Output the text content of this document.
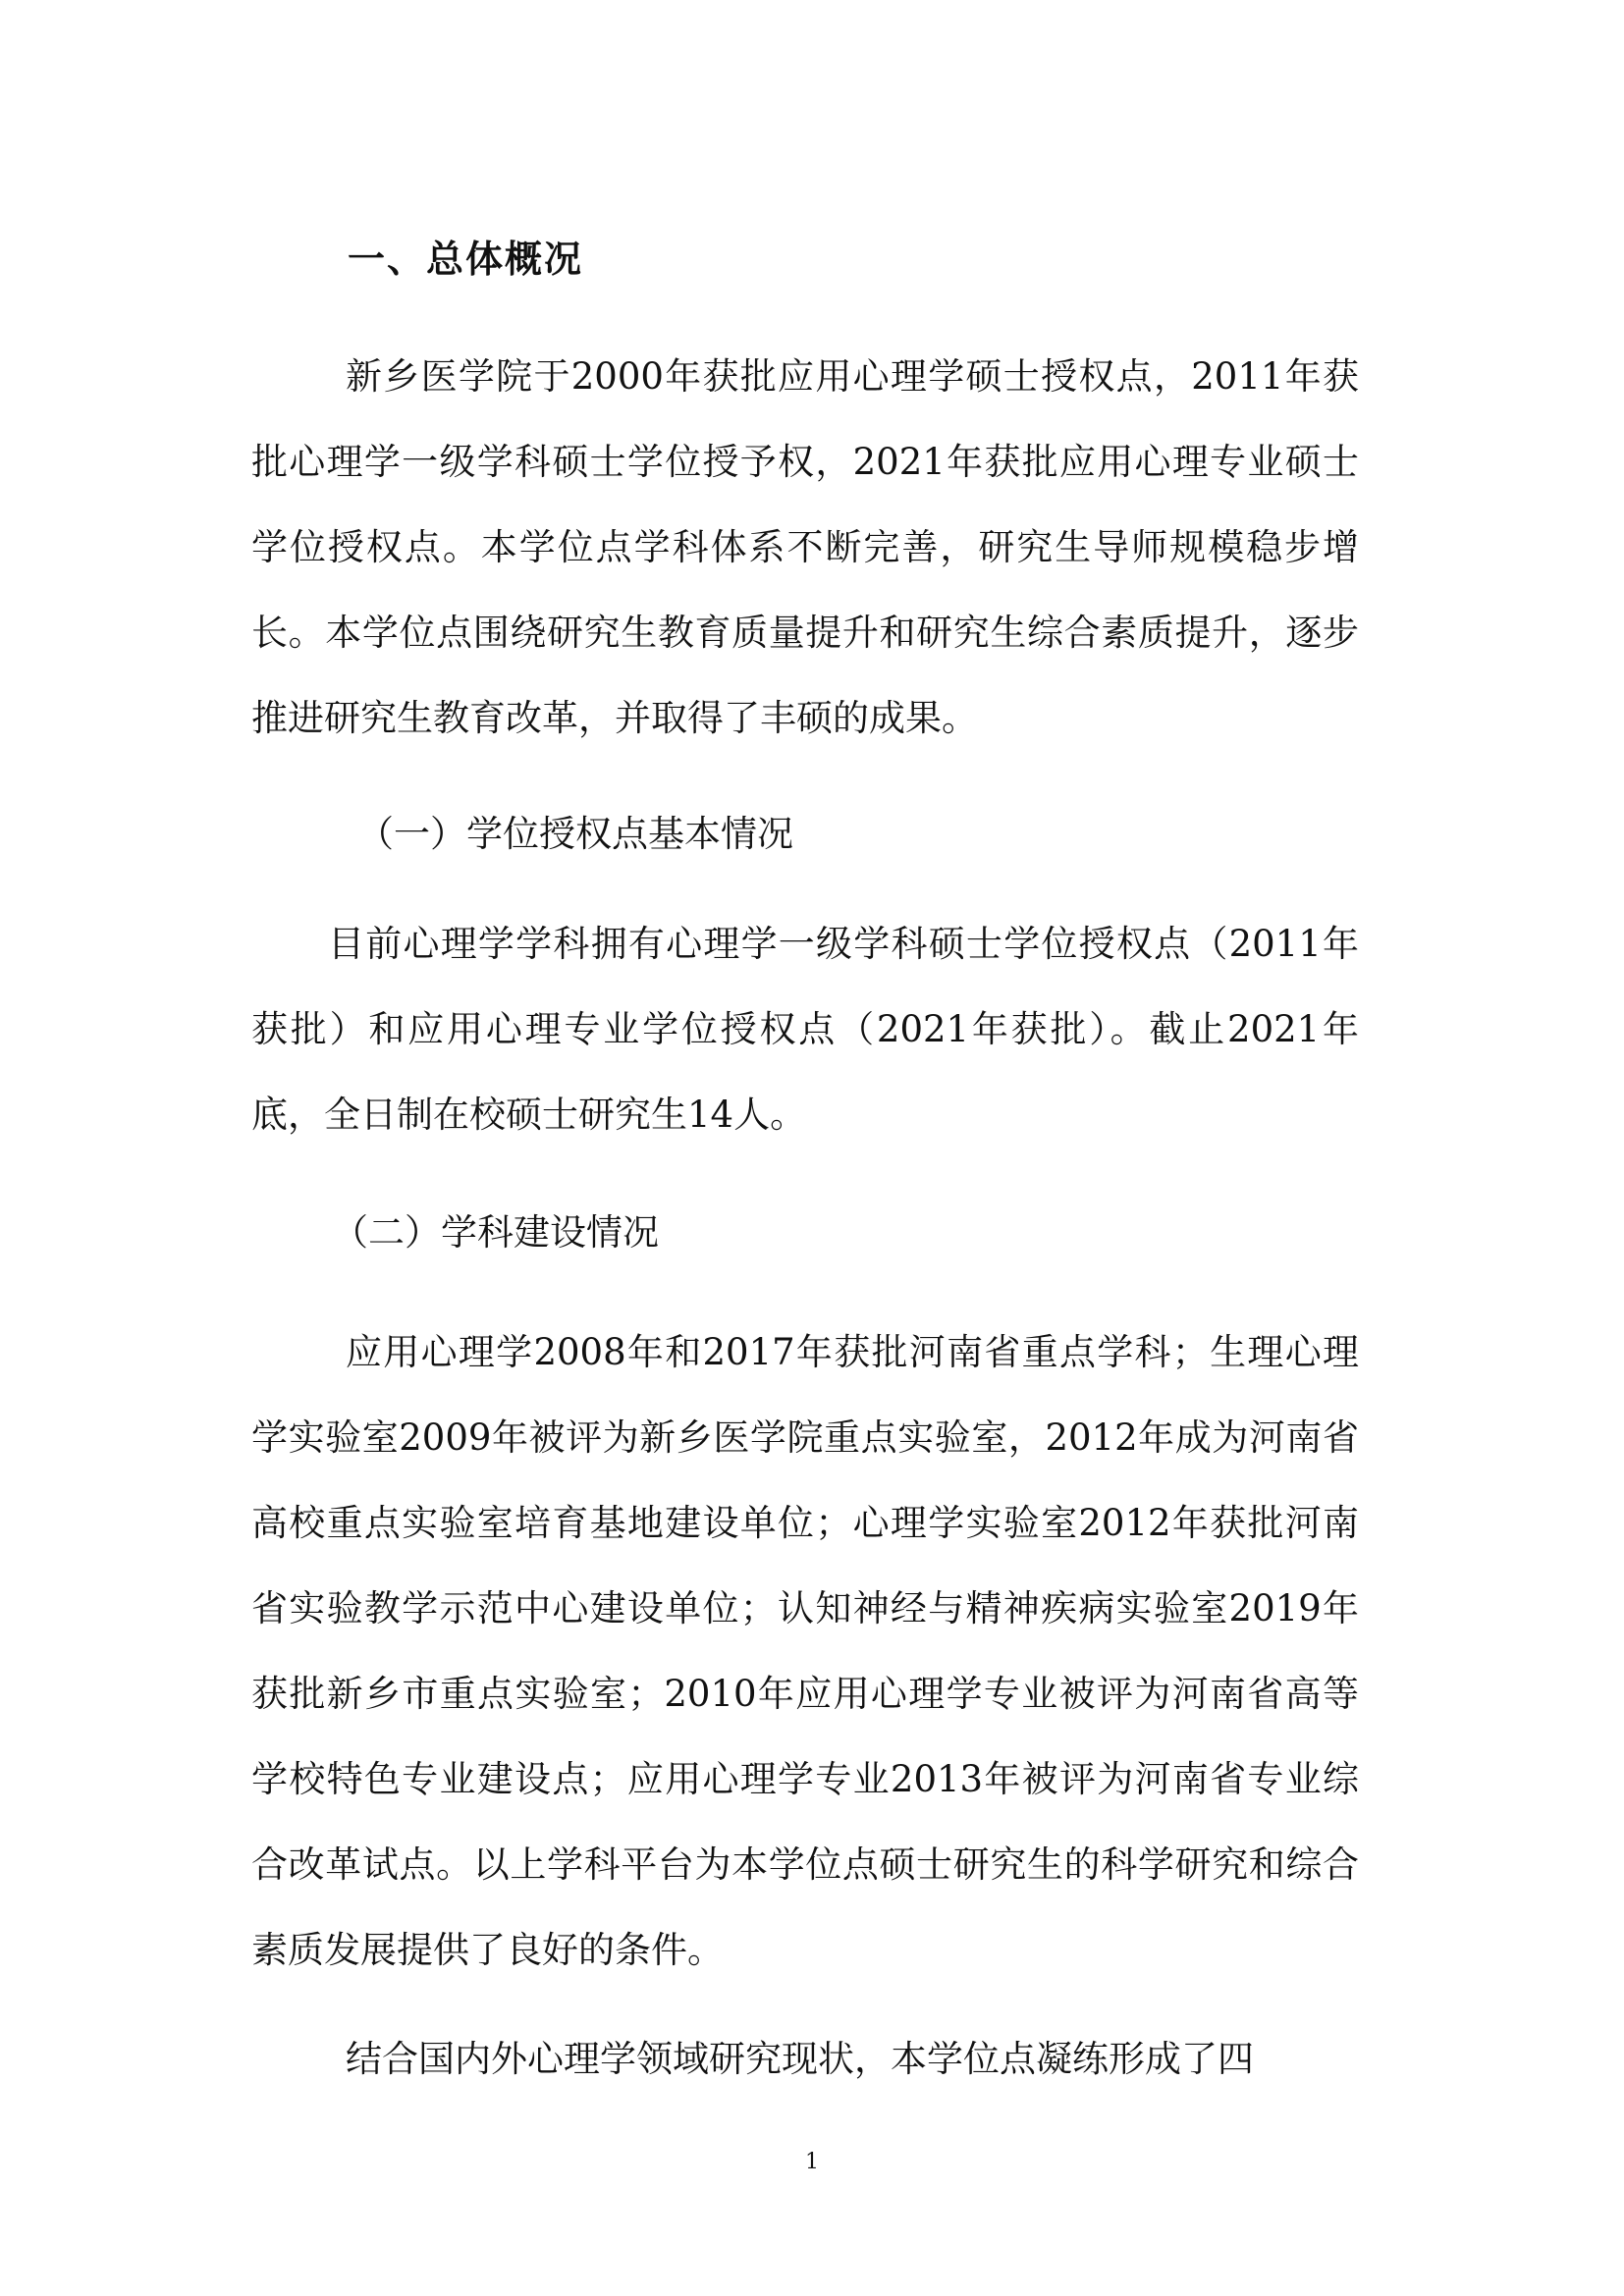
一、总体概况

新乡医学院于2000年获批应用心理学硕士授权点，2011年获批心理学一级学科硕士学位授予权，2021年获批应用心理专业硕士学位授权点。本学位点学科体系不断完善，研究生导师规模稳步增长。本学位点围绕研究生教育质量提升和研究生综合素质提升，逐步推进研究生教育改革，并取得了丰硕的成果。

（一）学位授权点基本情况

目前心理学学科拥有心理学一级学科硕士学位授权点（2011年获批）和应用心理专业学位授权点（2021年获批）。截止2021年底，全日制在校硕士研究生14人。

（二）学科建设情况

应用心理学2008年和2017年获批河南省重点学科；生理心理学实验室2009年被评为新乡医学院重点实验室，2012年成为河南省高校重点实验室培育基地建设单位；心理学实验室2012年获批河南省实验教学示范中心建设单位；认知神经与精神疾病实验室2019年获批新乡市重点实验室；2010年应用心理学专业被评为河南省高等学校特色专业建设点；应用心理学专业2013年被评为河南省专业综合改革试点。以上学科平台为本学位点硕士研究生的科学研究和综合素质发展提供了良好的条件。

结合国内外心理学领域研究现状，本学位点凝练形成了四

1
